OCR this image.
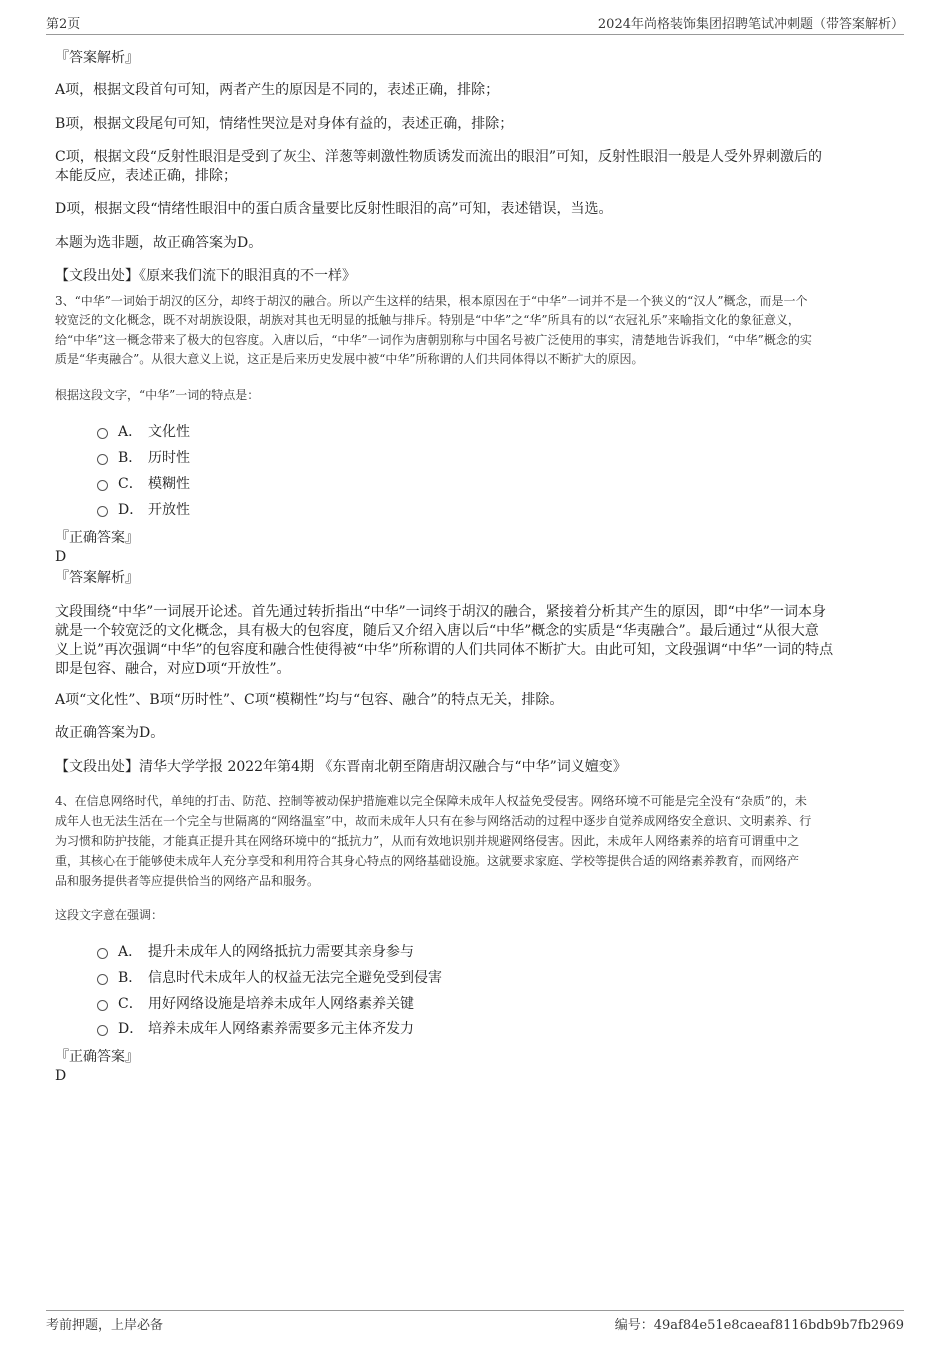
第2页	2024年尚格装饰集团招聘笔试冲刺题（带答案解析）
『答案解析』
A项，根据文段首句可知，两者产生的原因是不同的，表述正确，排除；
B项，根据文段尾句可知，情绪性哭泣是对身体有益的，表述正确，排除；
C项，根据文段“反射性眼泪是受到了灰尘、洋葱等刺激性物质诱发而流出的眼泪”可知，反射性眼泪一般是人受外界刺激后的
本能反应，表述正确，排除；
D项，根据文段“情绪性眼泪中的蛋白质含量要比反射性眼泪的高”可知，表述错误，当选。
本题为选非题，故正确答案为D。
【文段出处】《原来我们流下的眼泪真的不一样》
3、“中华”一词始于胡汉的区分，却终于胡汉的融合。所以产生这样的结果，根本原因在于“中华”一词并不是一个狭义的“汉人”概念，而是一个
较宽泛的文化概念，既不对胡族设限，胡族对其也无明显的抵触与排斥。特别是“中华”之“华”所具有的以“衣冠礼乐”来喻指文化的象征意义，
给“中华”这一概念带来了极大的包容度。入唐以后，“中华”一词作为唐朝别称与中国名号被广泛使用的事实，清楚地告诉我们，“中华”概念的实
质是“华夷融合”。从很大意义上说，这正是后来历史发展中被“中华”所称谓的人们共同体得以不断扩大的原因。
根据这段文字，“中华”一词的特点是：
A． 文化性
B． 历时性
C． 模糊性
D． 开放性
『正确答案』
D
『答案解析』
文段围绕“中华”一词展开论述。首先通过转折指出“中华”一词终于胡汉的融合，紧接着分析其产生的原因，即“中华”一词本身
就是一个较宽泛的文化概念，具有极大的包容度，随后又介绍入唐以后“中华”概念的实质是“华夷融合”。最后通过“从很大意
义上说”再次强调“中华”的包容度和融合性使得被“中华”所称谓的人们共同体不断扩大。由此可知，文段强调“中华”一词的特点
即是包容、融合，对应D项“开放性”。
A项“文化性”、B项“历时性”、C项“模糊性”均与“包容、融合”的特点无关，排除。
故正确答案为D。
【文段出处】清华大学学报 2022年第4期 《东晋南北朝至隋唐胡汉融合与“中华”词义嬗变》
4、在信息网络时代，单纯的打击、防范、控制等被动保护措施难以完全保障未成年人权益免受侵害。网络环境不可能是完全没有“杂质”的，未
成年人也无法生活在一个完全与世隔离的“网络温室”中，故而未成年人只有在参与网络活动的过程中逐步自觉养成网络安全意识、文明素养、行
为习惯和防护技能，才能真正提升其在网络环境中的“抵抗力”，从而有效地识别并规避网络侵害。因此，未成年人网络素养的培育可谓重中之
重，其核心在于能够使未成年人充分享受和利用符合其身心特点的网络基础设施。这就要求家庭、学校等提供合适的网络素养教育，而网络产
品和服务提供者等应提供恰当的网络产品和服务。
这段文字意在强调：
A． 提升未成年人的网络抵抗力需要其亲身参与
B． 信息时代未成年人的权益无法完全避免受到侵害
C． 用好网络设施是培养未成年人网络素养关键
D． 培养未成年人网络素养需要多元主体齐发力
『正确答案』
D
考前押题，上岸必备	编号：49af84e51e8caeaf8116bdb9b7fb2969
